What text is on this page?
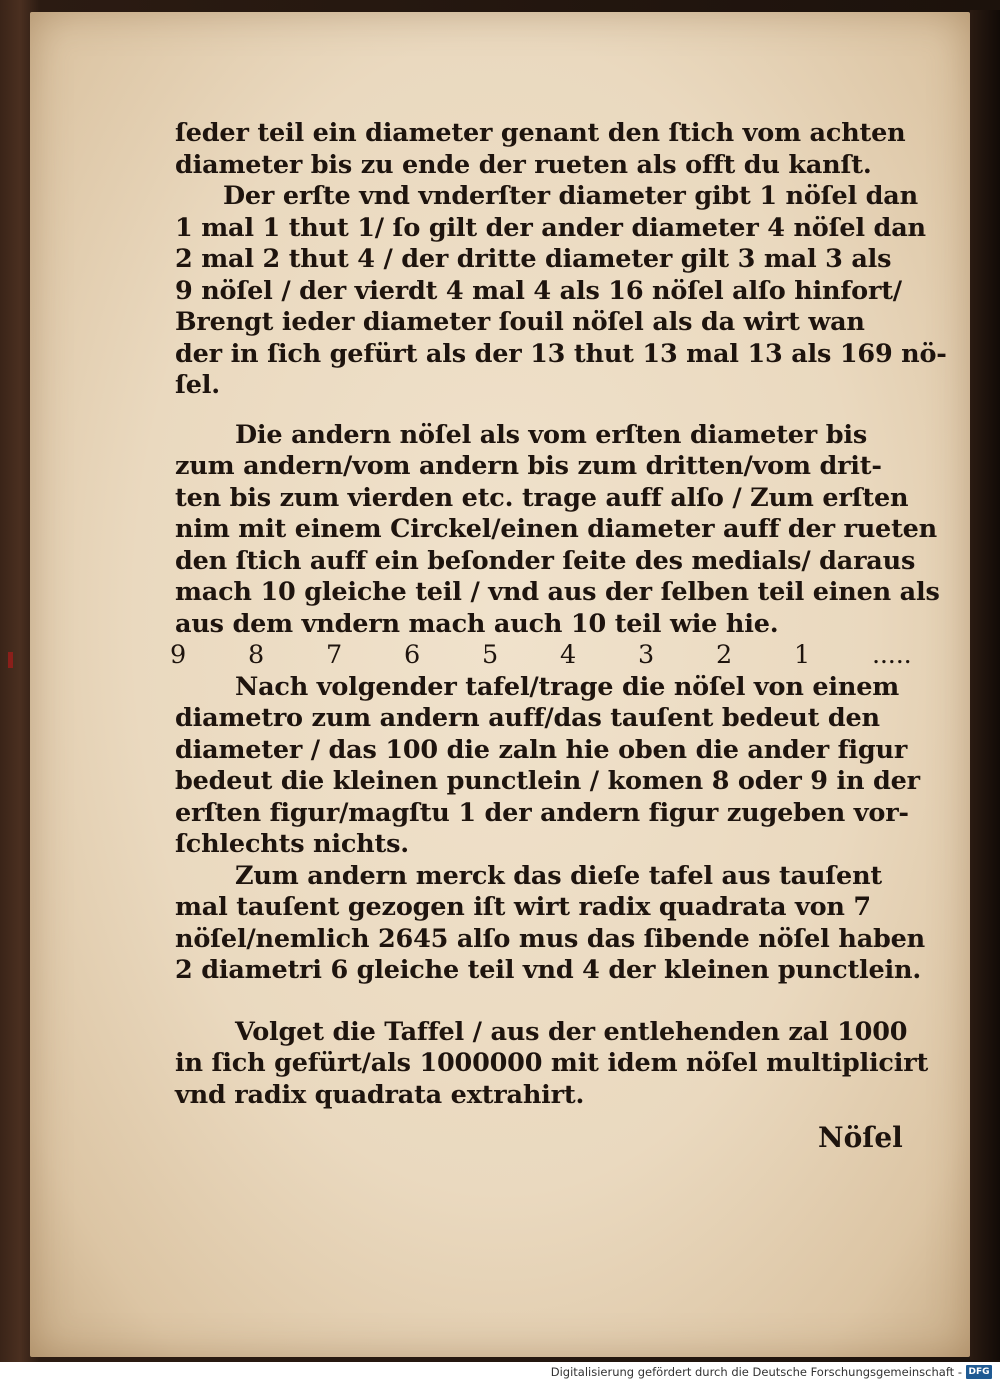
ſeder teil ein diameter genant den ſtich vom achten
diameter bis zu ende der rueten als offt du kanſt.
Der erſte vnd vnderſter diameter gibt 1 nöſel dan
1 mal 1 thut 1/ ſo gilt der ander diameter 4 nöſel dan
2 mal 2 thut 4 / der dritte diameter gilt 3 mal 3 als
9 nöſel / der vierdt 4 mal 4 als 16 nöſel alſo hinfort/
Brengt ieder diameter ſouil nöſel als da wirt wan
der in ſich gefürt als der 13 thut 13 mal 13 als 169 nö-
ſel.
Die andern nöſel als vom erſten diameter bis
zum andern/vom andern bis zum dritten/vom drit-
ten bis zum vierden etc. trage auff alſo / Zum erſten
nim mit einem Circkel/einen diameter auff der rueten
den ſtich auff ein beſonder ſeite des medials/ daraus
mach 10 gleiche teil / vnd aus der ſelben teil einen als
aus dem vndern mach auch 10 teil wie hie.
9 8 7 6 5 4 3 2 1 .....
Nach volgender tafel/trage die nöſel von einem
diametro zum andern auff/das tauſent bedeut den
diameter / das 100 die zaln hie oben die ander figur
bedeut die kleinen punctlein / komen 8 oder 9 in der
erſten figur/magſtu 1 der andern figur zugeben vor-
ſchlechts nichts.
Zum andern merck das dieſe tafel aus tauſent
mal tauſent gezogen iſt wirt radix quadrata von 7
nöſel/nemlich 2645 alſo mus das ſibende nöſel haben
2 diametri 6 gleiche teil vnd 4 der kleinen punctlein.
Volget die Taffel / aus der entlehenden zal 1000
in ſich gefürt/als 1000000 mit idem nöſel multiplicirt
vnd radix quadrata extrahirt.
Nöſel
Digitalisierung gefördert durch die Deutsche Forschungsgemeinschaft - DFG
